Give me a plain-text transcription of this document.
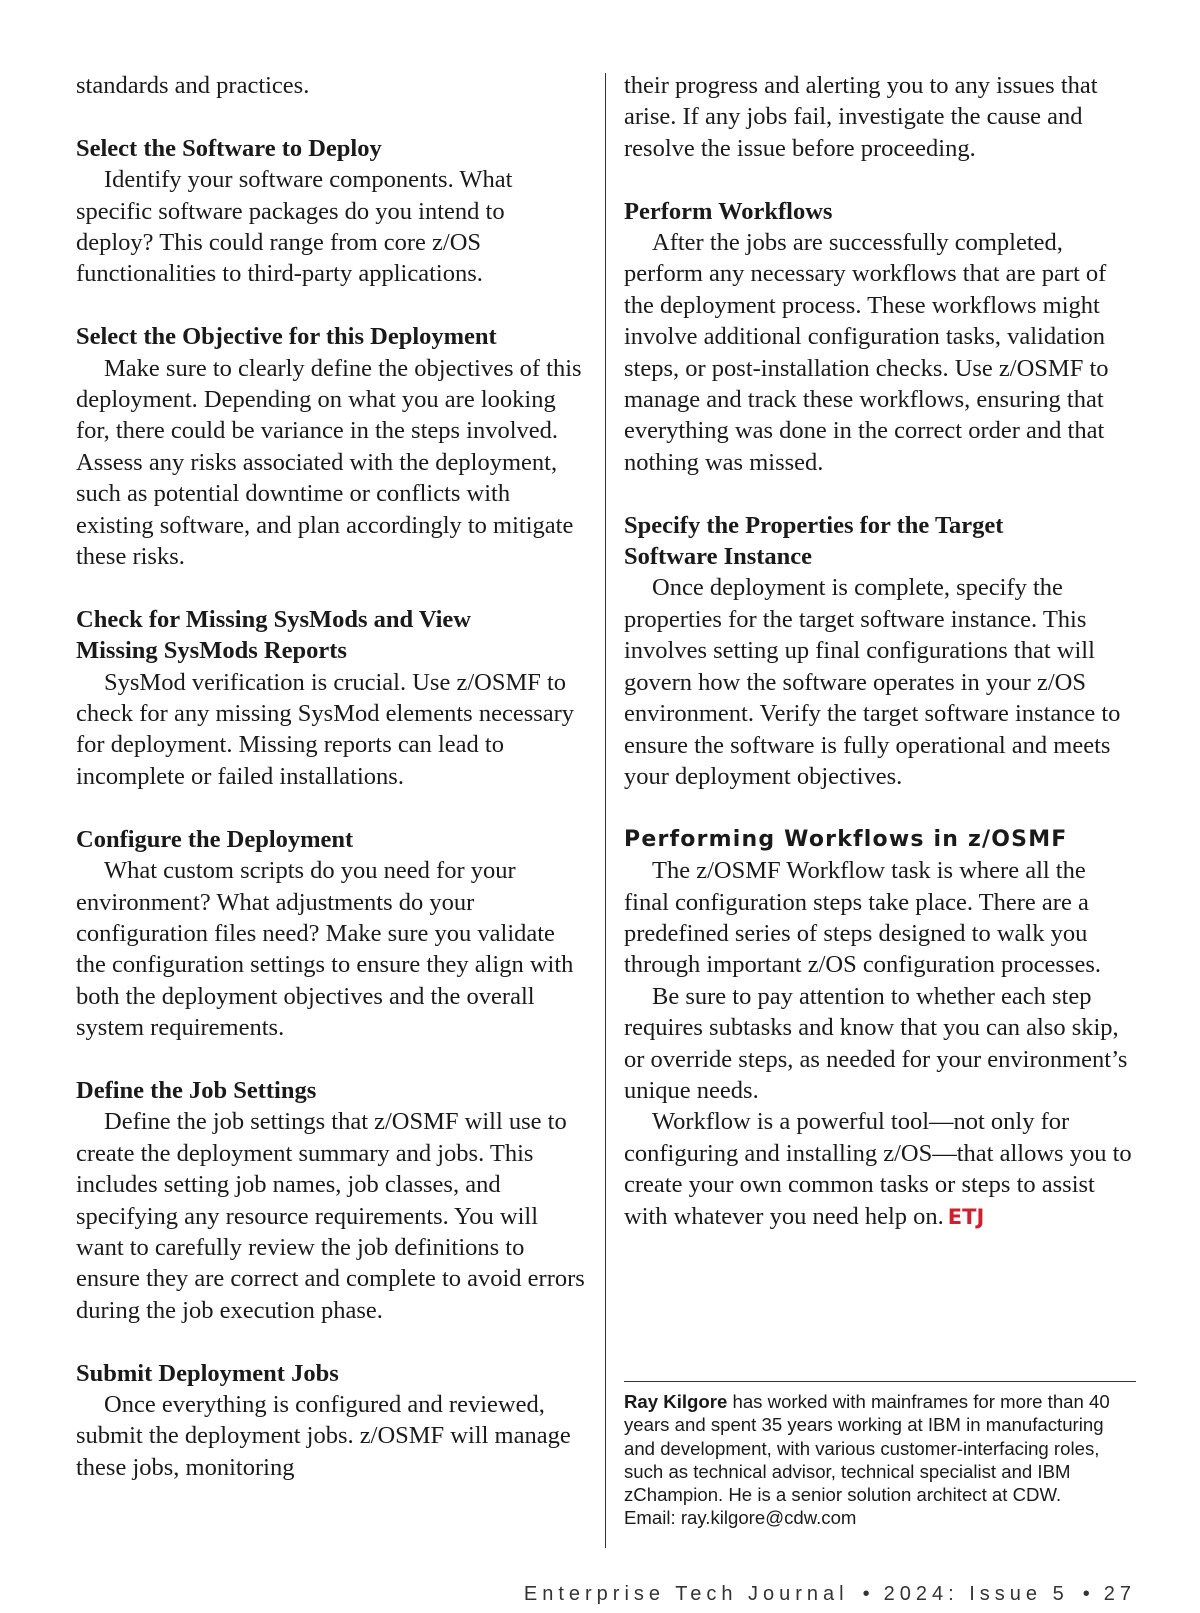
standards and practices.

Select the Software to Deploy

Identify your software components. What specific software packages do you intend to deploy? This could range from core z/OS functionalities to third-party applications.

Select the Objective for this Deployment

Make sure to clearly define the objectives of this deployment. Depending on what you are looking for, there could be variance in the steps involved. Assess any risks associated with the deployment, such as potential downtime or conflicts with existing software, and plan accordingly to mitigate these risks.

Check for Missing SysMods and View
Missing SysMods Reports

SysMod verification is crucial. Use z/OSMF to check for any missing SysMod elements necessary for deployment. Missing reports can lead to incomplete or failed installations.

Configure the Deployment

What custom scripts do you need for your environment? What adjustments do your configuration files need? Make sure you validate the configuration settings to ensure they align with both the deployment objectives and the overall system requirements.

Define the Job Settings

Define the job settings that z/OSMF will use to create the deployment summary and jobs. This includes setting job names, job classes, and specifying any resource requirements. You will want to carefully review the job definitions to ensure they are correct and complete to avoid errors during the job execution phase.

Submit Deployment Jobs

Once everything is configured and reviewed, submit the deployment jobs. z/OSMF will manage these jobs, monitoring

their progress and alerting you to any issues that arise. If any jobs fail, investigate the cause and resolve the issue before proceeding.

Perform Workflows

After the jobs are successfully completed, perform any necessary workflows that are part of the deployment process. These workflows might involve additional configuration tasks, validation steps, or post-installation checks. Use z/OSMF to manage and track these workflows, ensuring that everything was done in the correct order and that nothing was missed.

Specify the Properties for the Target
Software Instance

Once deployment is complete, specify the properties for the target software instance. This involves setting up final configurations that will govern how the software operates in your z/OS environment. Verify the target software instance to ensure the software is fully operational and meets your deployment objectives.

Performing Workflows in z/OSMF

The z/OSMF Workflow task is where all the final configuration steps take place. There are a predefined series of steps designed to walk you through important z/OS configuration processes.

Be sure to pay attention to whether each step requires subtasks and know that you can also skip, or override steps, as needed for your environment’s unique needs.

Workflow is a powerful tool—not only for configuring and installing z/OS—that allows you to create your own common tasks or steps to assist with whatever you need help on. ETJ

Ray Kilgore has worked with mainframes for more than 40 years and spent 35 years working at IBM in manufacturing and development, with various customer-interfacing roles, such as technical advisor, technical specialist and IBM zChampion. He is a senior solution architect at CDW.
Email: ray.kilgore@cdw.com
Enterprise Tech Journal • 2024: Issue 5 • 27
